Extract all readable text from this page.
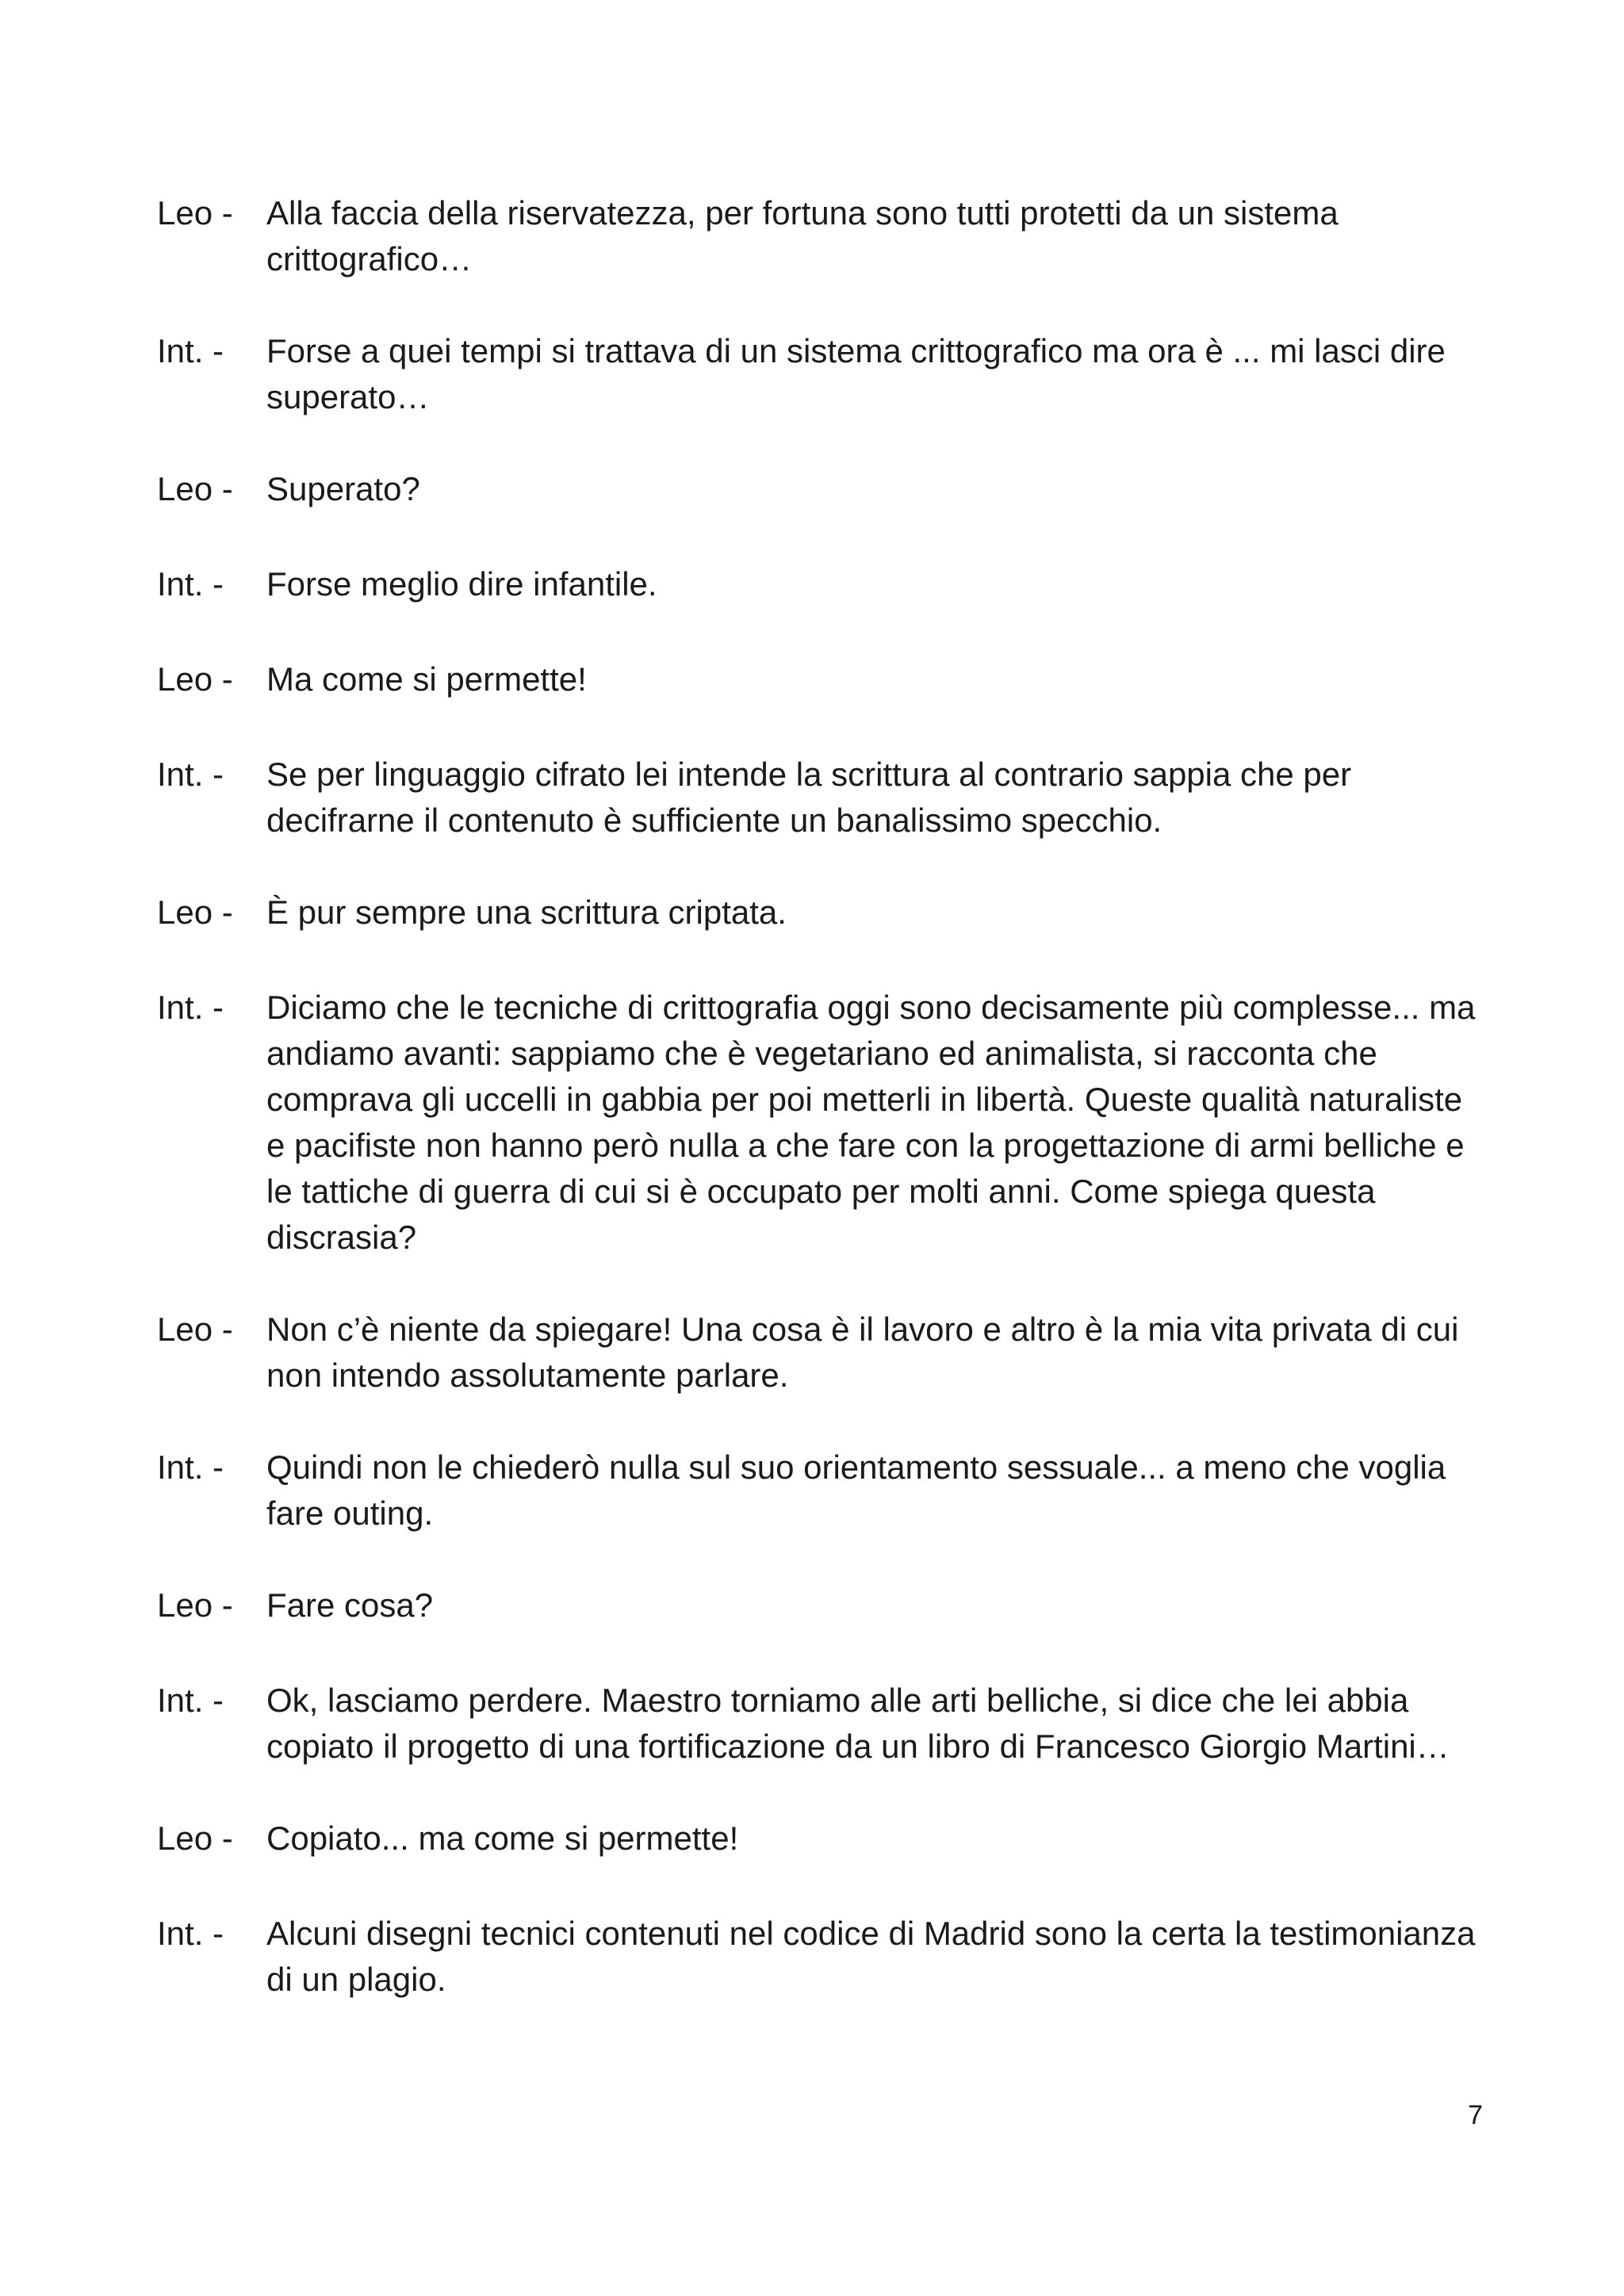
Leo -	Alla faccia della riservatezza, per fortuna sono tutti protetti da un sistema crittografico…
Int. -	Forse a quei tempi si trattava di un sistema crittografico ma ora è ... mi lasci dire superato…
Leo -	Superato?
Int. -	Forse meglio dire infantile.
Leo -	Ma come si permette!
Int. -	Se per linguaggio cifrato lei intende la scrittura al contrario sappia che per decifrarne il contenuto è sufficiente un banalissimo specchio.
Leo -	È pur sempre una scrittura criptata.
Int. -	Diciamo che le tecniche di crittografia oggi sono decisamente più complesse... ma andiamo avanti: sappiamo che è vegetariano ed animalista, si racconta che comprava gli uccelli in gabbia per poi metterli in libertà. Queste qualità naturaliste e pacifiste non hanno però nulla a che fare con la progettazione di armi belliche e le tattiche di guerra di cui si è occupato per molti anni. Come spiega questa discrasia?
Leo -	Non c’è niente da spiegare! Una cosa è il lavoro e altro è la mia vita privata di cui non intendo assolutamente parlare.
Int. -	Quindi non le chiederò nulla sul suo orientamento sessuale... a meno che voglia fare outing.
Leo -	Fare cosa?
Int. -	Ok, lasciamo perdere. Maestro torniamo alle arti belliche, si dice che lei abbia copiato il progetto di una fortificazione da un libro di Francesco Giorgio Martini…
Leo -	Copiato... ma come si permette!
Int. -	Alcuni disegni tecnici contenuti nel codice di Madrid sono la certa la testimonianza di un plagio.
7
